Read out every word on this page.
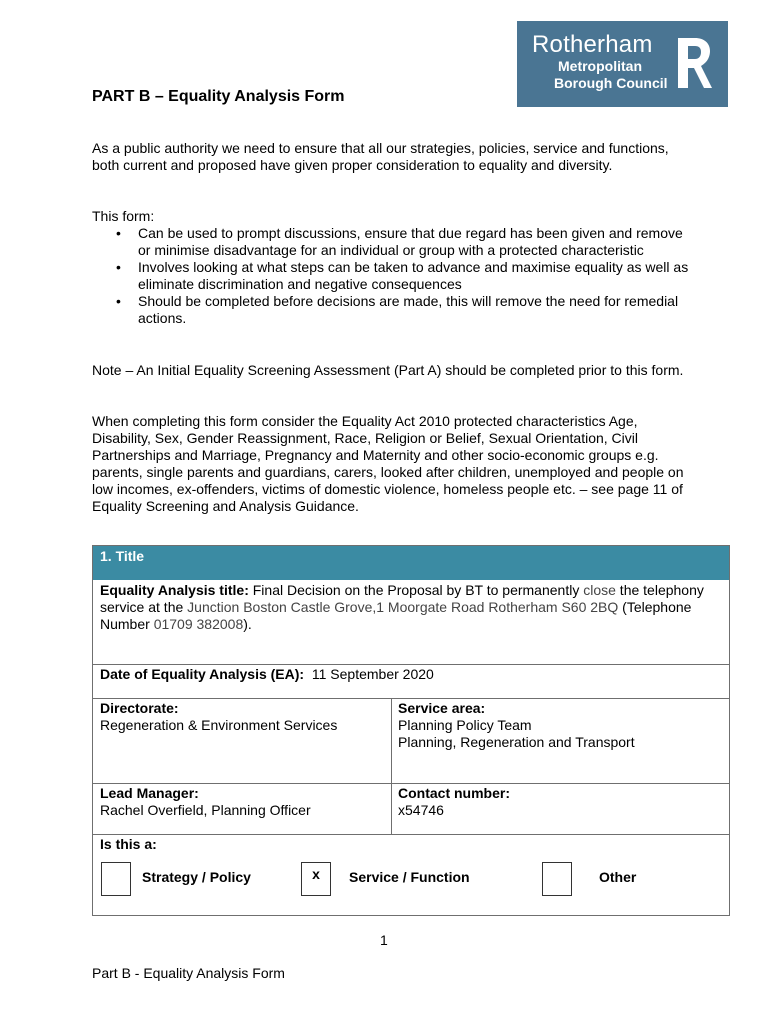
Rotherham
Metropolitan
Borough Council
PART B – Equality Analysis Form

As a public authority we need to ensure that all our strategies, policies, service and functions, both current and proposed have given proper consideration to equality and diversity.

This form:

• Can be used to prompt discussions, ensure that due regard has been given and remove or minimise disadvantage for an individual or group with a protected characteristic
• Involves looking at what steps can be taken to advance and maximise equality as well as eliminate discrimination and negative consequences
• Should be completed before decisions are made, this will remove the need for remedial actions.

Note – An Initial Equality Screening Assessment (Part A) should be completed prior to this form.

When completing this form consider the Equality Act 2010 protected characteristics Age, Disability, Sex, Gender Reassignment, Race, Religion or Belief, Sexual Orientation, Civil Partnerships and Marriage, Pregnancy and Maternity and other socio-economic groups e.g. parents, single parents and guardians, carers, looked after children, unemployed and people on low incomes, ex-offenders, victims of domestic violence, homeless people etc. – see page 11 of Equality Screening and Analysis Guidance.

1. Title
Equality Analysis title: Final Decision on the Proposal by BT to permanently close the telephony service at the Junction Boston Castle Grove,1 Moorgate Road Rotherham S60 2BQ (Telephone Number 01709 382008).
Date of Equality Analysis (EA): 11 September 2020
Directorate:
Regeneration & Environment Services
Service area:
Planning Policy Team
Planning, Regeneration and Transport
Lead Manager:
Rachel Overfield, Planning Officer
Contact number:
x54746
Is this a:
Strategy / Policy	x	Service / Function	Other
1
Part B - Equality Analysis Form
